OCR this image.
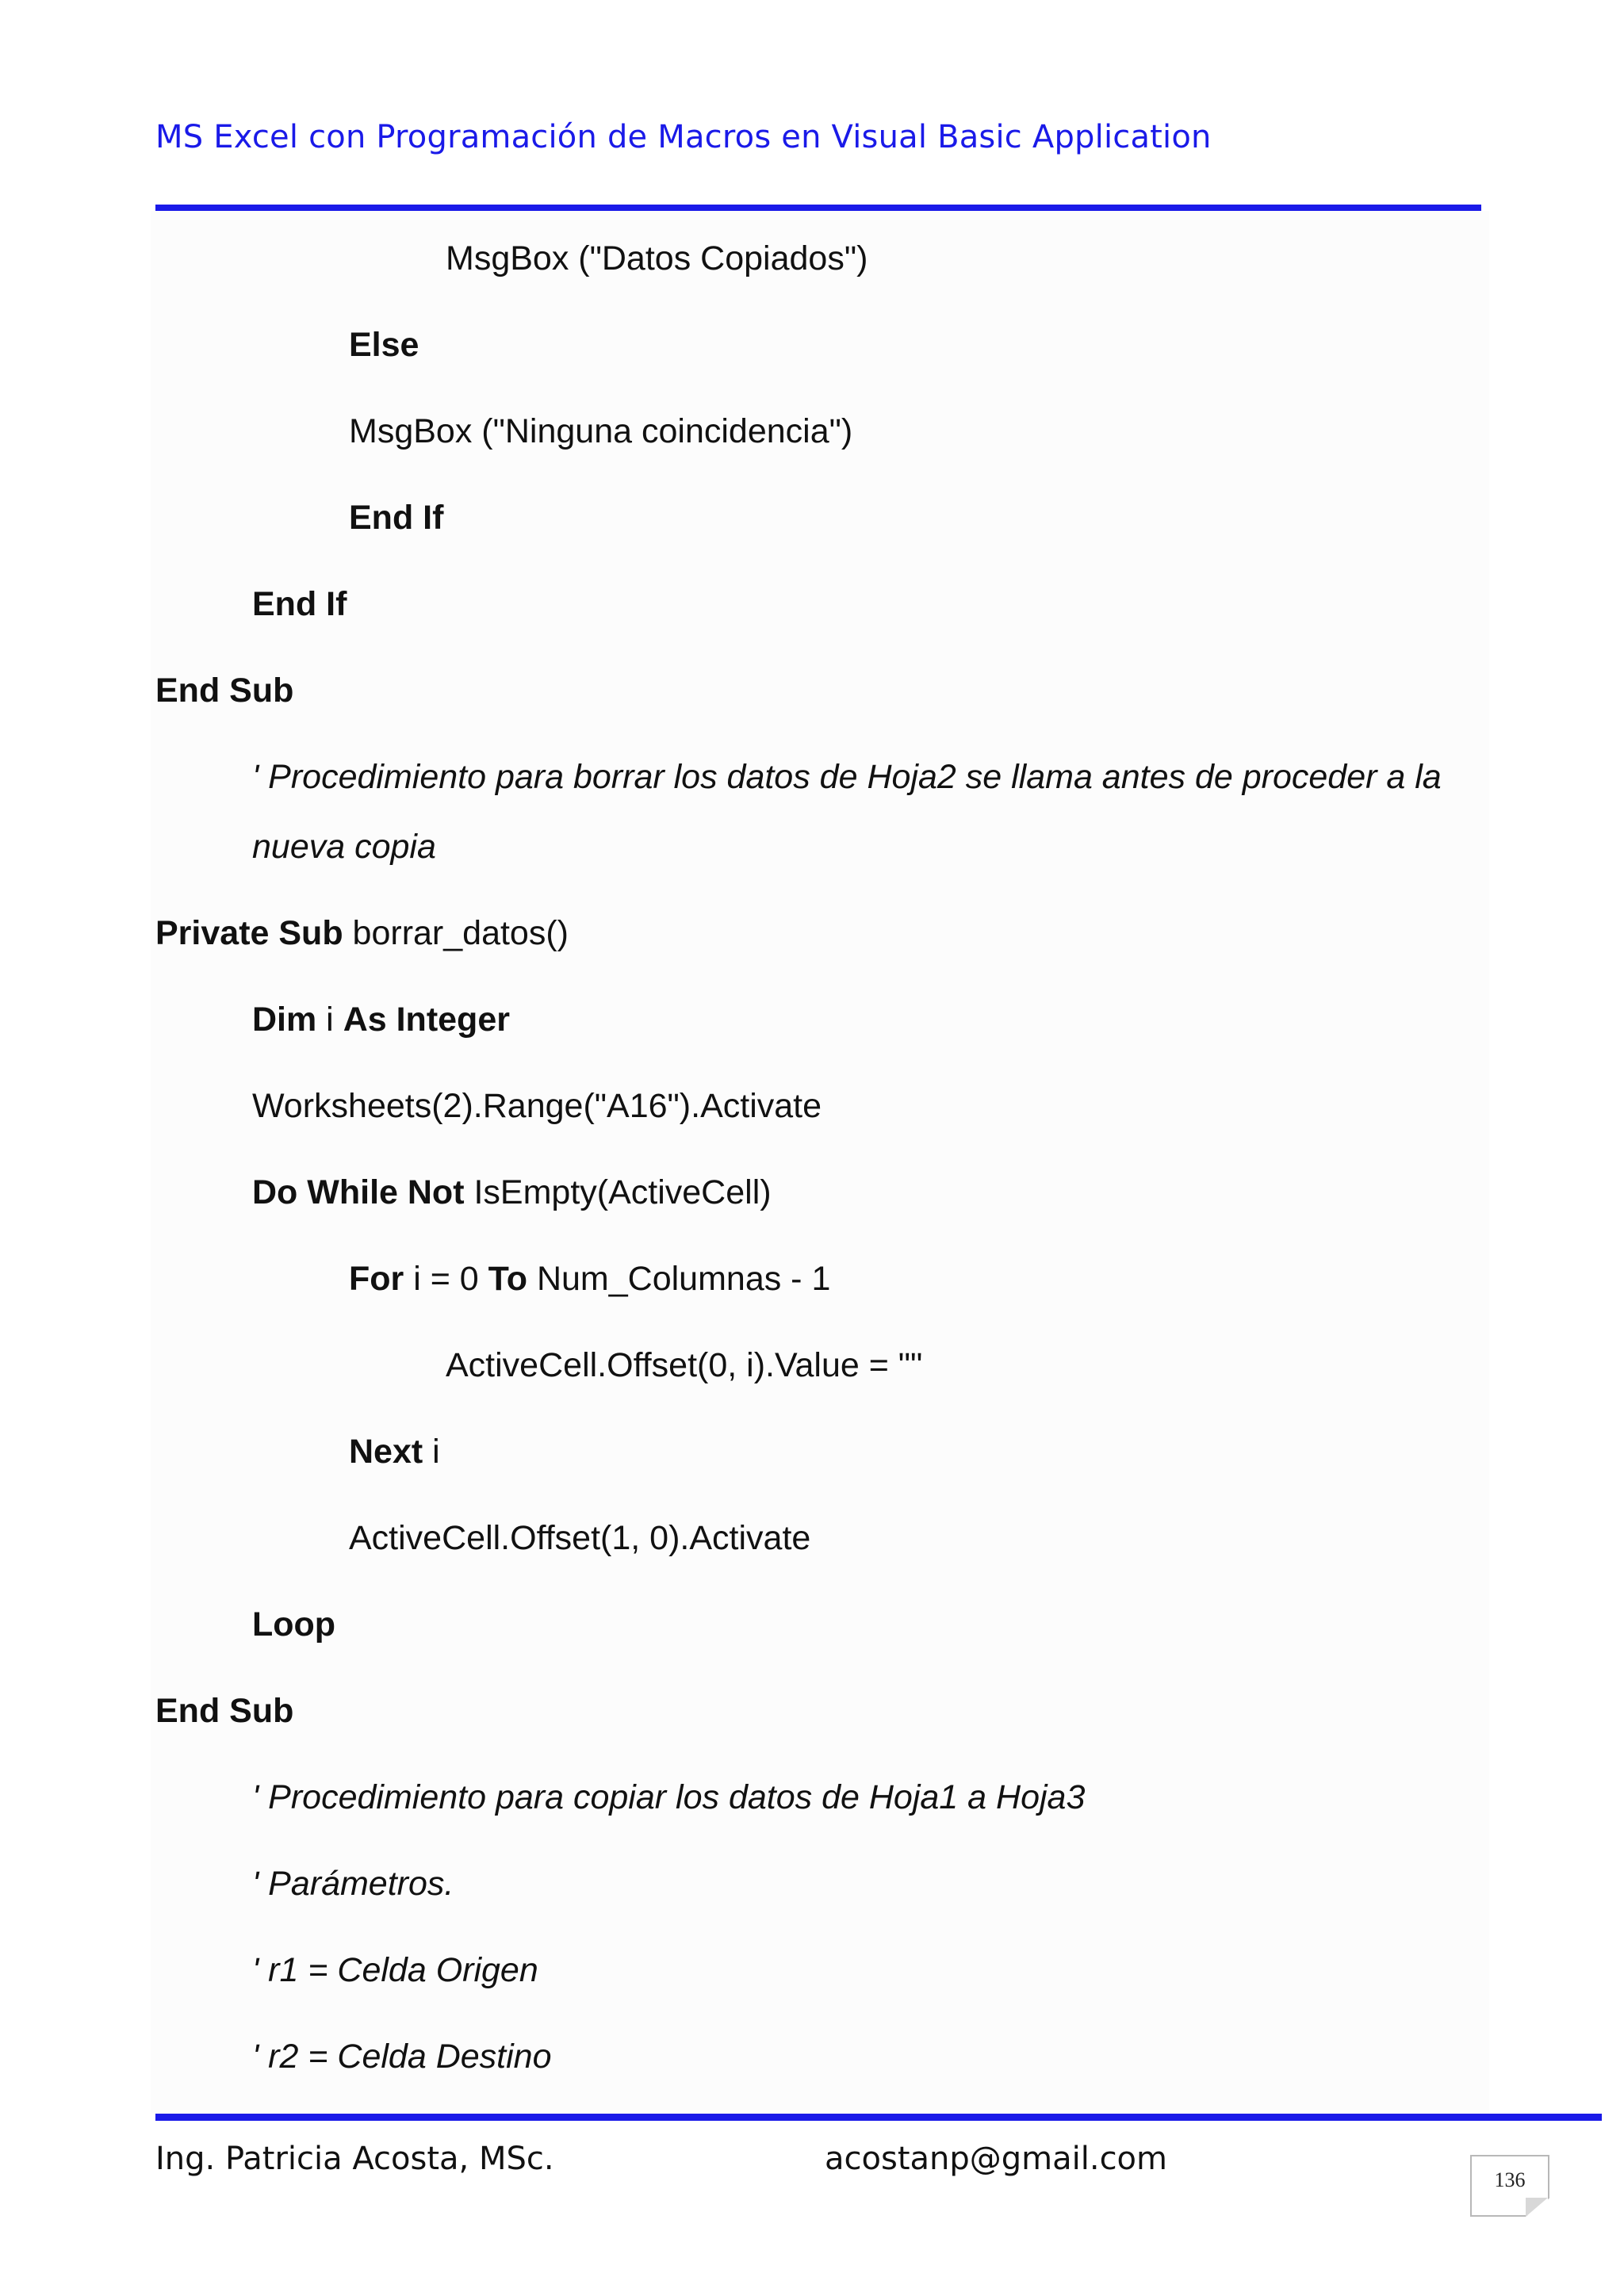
MS Excel con Programación de Macros en Visual Basic Application
MsgBox ("Datos Copiados")
Else
MsgBox ("Ninguna coincidencia")
End If
End If
End Sub
' Procedimiento para borrar los datos de Hoja2 se llama antes de proceder a la
nueva copia
Private Sub borrar_datos()
Dim i As Integer
Worksheets(2).Range("A16").Activate
Do While Not IsEmpty(ActiveCell)
For i = 0 To Num_Columnas - 1
ActiveCell.Offset(0, i).Value = ""
Next i
ActiveCell.Offset(1, 0).Activate
Loop
End Sub
' Procedimiento para copiar los datos de Hoja1 a Hoja3
' Parámetros.
' r1 = Celda Origen
' r2 = Celda Destino
Ing. Patricia Acosta, MSc.	acostanp@gmail.com
136
